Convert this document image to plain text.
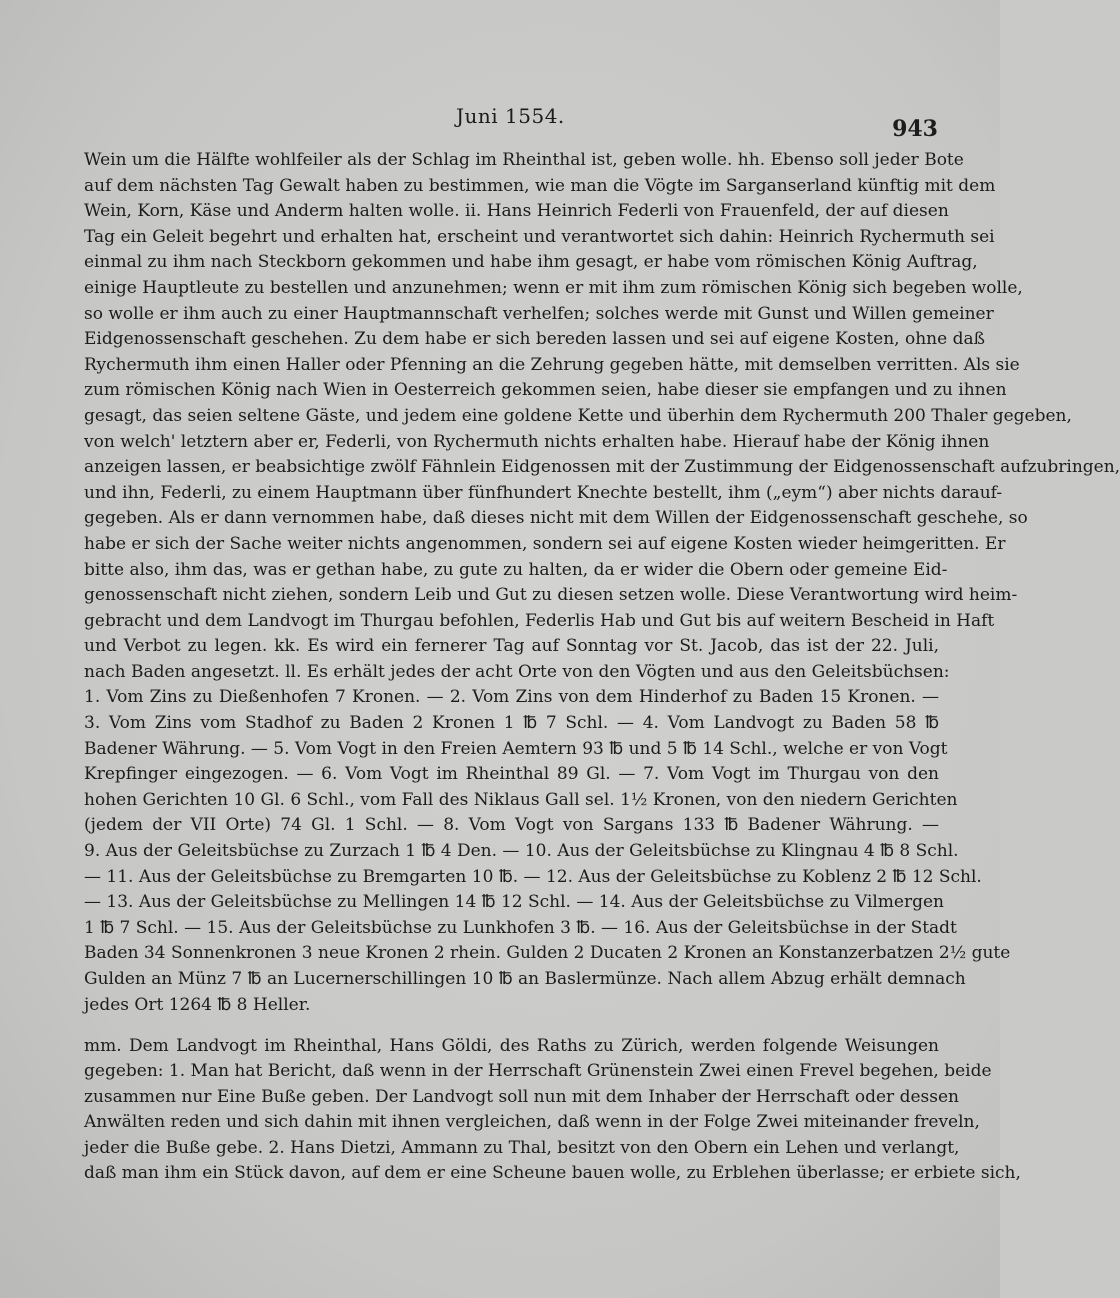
Juni 1554.	943
Wein um die Hälfte wohlfeiler als der Schlag im Rheinthal ist, geben wolle. hh. Ebenso soll jeder Bote
auf dem nächsten Tag Gewalt haben zu bestimmen, wie man die Vögte im Sarganserland künftig mit dem
Wein, Korn, Käse und Anderm halten wolle. ii. Hans Heinrich Federli von Frauenfeld, der auf diesen
Tag ein Geleit begehrt und erhalten hat, erscheint und verantwortet sich dahin: Heinrich Rychermuth sei
einmal zu ihm nach Steckborn gekommen und habe ihm gesagt, er habe vom römischen König Auftrag,
einige Hauptleute zu bestellen und anzunehmen; wenn er mit ihm zum römischen König sich begeben wolle,
so wolle er ihm auch zu einer Hauptmannschaft verhelfen; solches werde mit Gunst und Willen gemeiner
Eidgenossenschaft geschehen. Zu dem habe er sich bereden lassen und sei auf eigene Kosten, ohne daß
Rychermuth ihm einen Haller oder Pfenning an die Zehrung gegeben hätte, mit demselben verritten. Als sie
zum römischen König nach Wien in Oesterreich gekommen seien, habe dieser sie empfangen und zu ihnen
gesagt, das seien seltene Gäste, und jedem eine goldene Kette und überhin dem Rychermuth 200 Thaler gegeben,
von welch' letztern aber er, Federli, von Rychermuth nichts erhalten habe. Hierauf habe der König ihnen
anzeigen lassen, er beabsichtige zwölf Fähnlein Eidgenossen mit der Zustimmung der Eidgenossenschaft aufzubringen,
und ihn, Federli, zu einem Hauptmann über fünfhundert Knechte bestellt, ihm („eym“) aber nichts darauf-
gegeben. Als er dann vernommen habe, daß dieses nicht mit dem Willen der Eidgenossenschaft geschehe, so
habe er sich der Sache weiter nichts angenommen, sondern sei auf eigene Kosten wieder heimgeritten. Er
bitte also, ihm das, was er gethan habe, zu gute zu halten, da er wider die Obern oder gemeine Eid-
genossenschaft nicht ziehen, sondern Leib und Gut zu diesen setzen wolle. Diese Verantwortung wird heim-
gebracht und dem Landvogt im Thurgau befohlen, Federlis Hab und Gut bis auf weitern Bescheid in Haft
und Verbot zu legen. kk. Es wird ein fernerer Tag auf Sonntag vor St. Jacob, das ist der 22. Juli,
nach Baden angesetzt. ll. Es erhält jedes der acht Orte von den Vögten und aus den Geleitsbüchsen:
1. Vom Zins zu Dießenhofen 7 Kronen. — 2. Vom Zins von dem Hinderhof zu Baden 15 Kronen. —
3. Vom Zins vom Stadhof zu Baden 2 Kronen 1 ℔ 7 Schl. — 4. Vom Landvogt zu Baden 58 ℔
Badener Währung. — 5. Vom Vogt in den Freien Aemtern 93 ℔ und 5 ℔ 14 Schl., welche er von Vogt
Krepfinger eingezogen. — 6. Vom Vogt im Rheinthal 89 Gl. — 7. Vom Vogt im Thurgau von den
hohen Gerichten 10 Gl. 6 Schl., vom Fall des Niklaus Gall sel. 1½ Kronen, von den niedern Gerichten
(jedem der VII Orte) 74 Gl. 1 Schl. — 8. Vom Vogt von Sargans 133 ℔ Badener Währung. —
9. Aus der Geleitsbüchse zu Zurzach 1 ℔ 4 Den. — 10. Aus der Geleitsbüchse zu Klingnau 4 ℔ 8 Schl.
— 11. Aus der Geleitsbüchse zu Bremgarten 10 ℔. — 12. Aus der Geleitsbüchse zu Koblenz 2 ℔ 12 Schl.
— 13. Aus der Geleitsbüchse zu Mellingen 14 ℔ 12 Schl. — 14. Aus der Geleitsbüchse zu Vilmergen
1 ℔ 7 Schl. — 15. Aus der Geleitsbüchse zu Lunkhofen 3 ℔. — 16. Aus der Geleitsbüchse in der Stadt
Baden 34 Sonnenkronen 3 neue Kronen 2 rhein. Gulden 2 Ducaten 2 Kronen an Konstanzerbatzen 2½ gute
Gulden an Münz 7 ℔ an Lucernerschillingen 10 ℔ an Baslermünze. Nach allem Abzug erhält demnach
jedes Ort 1264 ℔ 8 Heller.
mm. Dem Landvogt im Rheinthal, Hans Göldi, des Raths zu Zürich, werden folgende Weisungen
gegeben: 1. Man hat Bericht, daß wenn in der Herrschaft Grünenstein Zwei einen Frevel begehen, beide
zusammen nur Eine Buße geben. Der Landvogt soll nun mit dem Inhaber der Herrschaft oder dessen
Anwälten reden und sich dahin mit ihnen vergleichen, daß wenn in der Folge Zwei miteinander freveln,
jeder die Buße gebe. 2. Hans Dietzi, Ammann zu Thal, besitzt von den Obern ein Lehen und verlangt,
daß man ihm ein Stück davon, auf dem er eine Scheune bauen wolle, zu Erblehen überlasse; er erbiete sich,
